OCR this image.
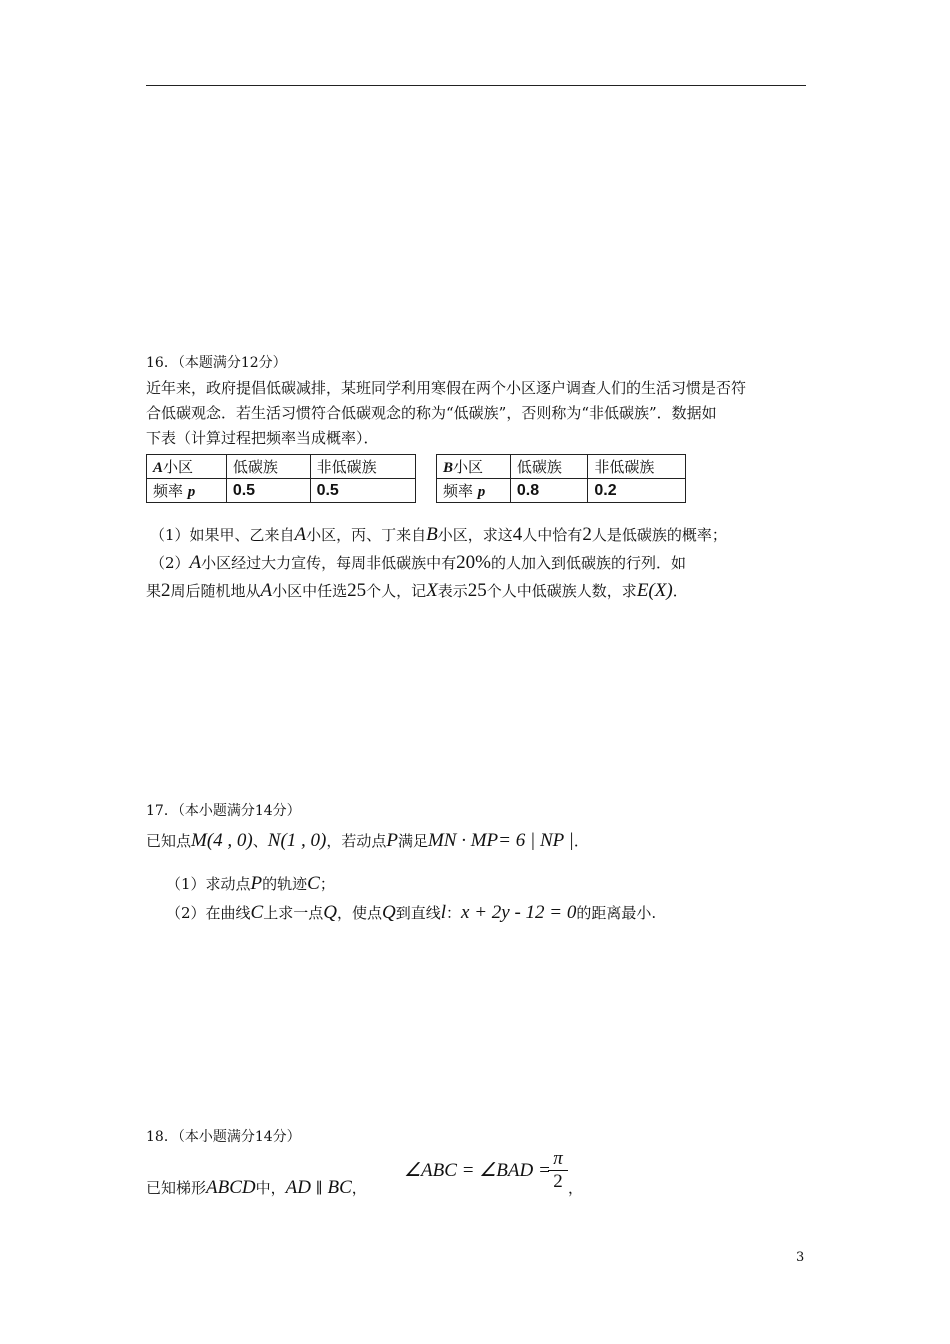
16．（本题满分12分）
近年来，政府提倡低碳减排，某班同学利用寒假在两个小区逐户调查人们的生活习惯是否符
合低碳观念．若生活习惯符合低碳观念的称为“低碳族”，否则称为“非低碳族”．数据如
下表（计算过程把频率当成概率）．
A小区	低碳族	非低碳族
频率 p	0.5	0.5
B小区	低碳族	非低碳族
频率 p	0.8	0.2
（1）如果甲、乙来自A小区，丙、丁来自B小区，求这4人中恰有2人是低碳族的概率；
（2）A小区经过大力宣传，每周非低碳族中有20%的人加入到低碳族的行列．如
果2周后随机地从A小区中任选25个人，记X表示25个人中低碳族人数，求E(X)．
17．（本小题满分14分）
已知点M(4 , 0)、N(1 , 0)，若动点P满足MN · MP= 6 | NP |．
（1）求动点P的轨迹C；
（2）在曲线C上求一点Q，使点Q到直线l：x + 2y - 12 = 0的距离最小.
18．（本小题满分14分）
已知梯形ABCD中，AD ∥ BC，
∠ABC = ∠BAD =
$\frac{\pi}{2}$ ，
3
